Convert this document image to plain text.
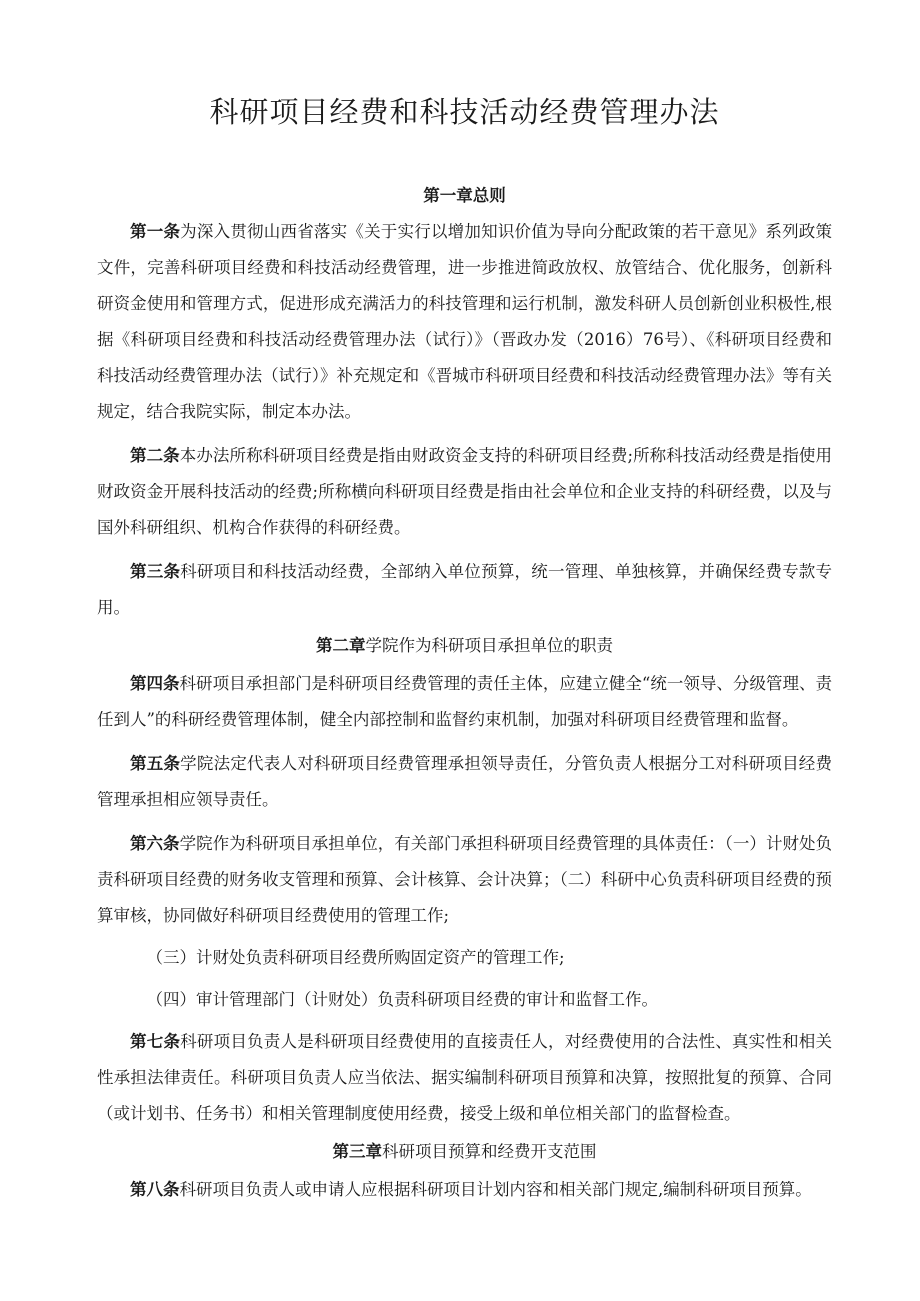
科研项目经费和科技活动经费管理办法

第一章总则

第一条为深入贯彻山西省落实《关于实行以增加知识价值为导向分配政策的若干意见》系列政策文件，完善科研项目经费和科技活动经费管理，进一步推进简政放权、放管结合、优化服务，创新科研资金使用和管理方式，促进形成充满活力的科技管理和运行机制，激发科研人员创新创业积极性,根据《科研项目经费和科技活动经费管理办法（试行）》（晋政办发（2016）76号）、《科研项目经费和科技活动经费管理办法（试行）》补充规定和《晋城市科研项目经费和科技活动经费管理办法》等有关规定，结合我院实际，制定本办法。

第二条本办法所称科研项目经费是指由财政资金支持的科研项目经费;所称科技活动经费是指使用财政资金开展科技活动的经费;所称横向科研项目经费是指由社会单位和企业支持的科研经费，以及与国外科研组织、机构合作获得的科研经费。

第三条科研项目和科技活动经费，全部纳入单位预算，统一管理、单独核算，并确保经费专款专用。

第二章学院作为科研项目承担单位的职责

第四条科研项目承担部门是科研项目经费管理的责任主体，应建立健全“统一领导、分级管理、责任到人”的科研经费管理体制，健全内部控制和监督约束机制，加强对科研项目经费管理和监督。

第五条学院法定代表人对科研项目经费管理承担领导责任，分管负责人根据分工对科研项目经费管理承担相应领导责任。

第六条学院作为科研项目承担单位，有关部门承担科研项目经费管理的具体责任：（一）计财处负责科研项目经费的财务收支管理和预算、会计核算、会计决算；（二）科研中心负责科研项目经费的预算审核，协同做好科研项目经费使用的管理工作;

（三）计财处负责科研项目经费所购固定资产的管理工作;

（四）审计管理部门（计财处）负责科研项目经费的审计和监督工作。

第七条科研项目负责人是科研项目经费使用的直接责任人，对经费使用的合法性、真实性和相关性承担法律责任。科研项目负责人应当依法、据实编制科研项目预算和决算，按照批复的预算、合同（或计划书、任务书）和相关管理制度使用经费，接受上级和单位相关部门的监督检查。

第三章科研项目预算和经费开支范围

第八条科研项目负责人或申请人应根据科研项目计划内容和相关部门规定,编制科研项目预算。
